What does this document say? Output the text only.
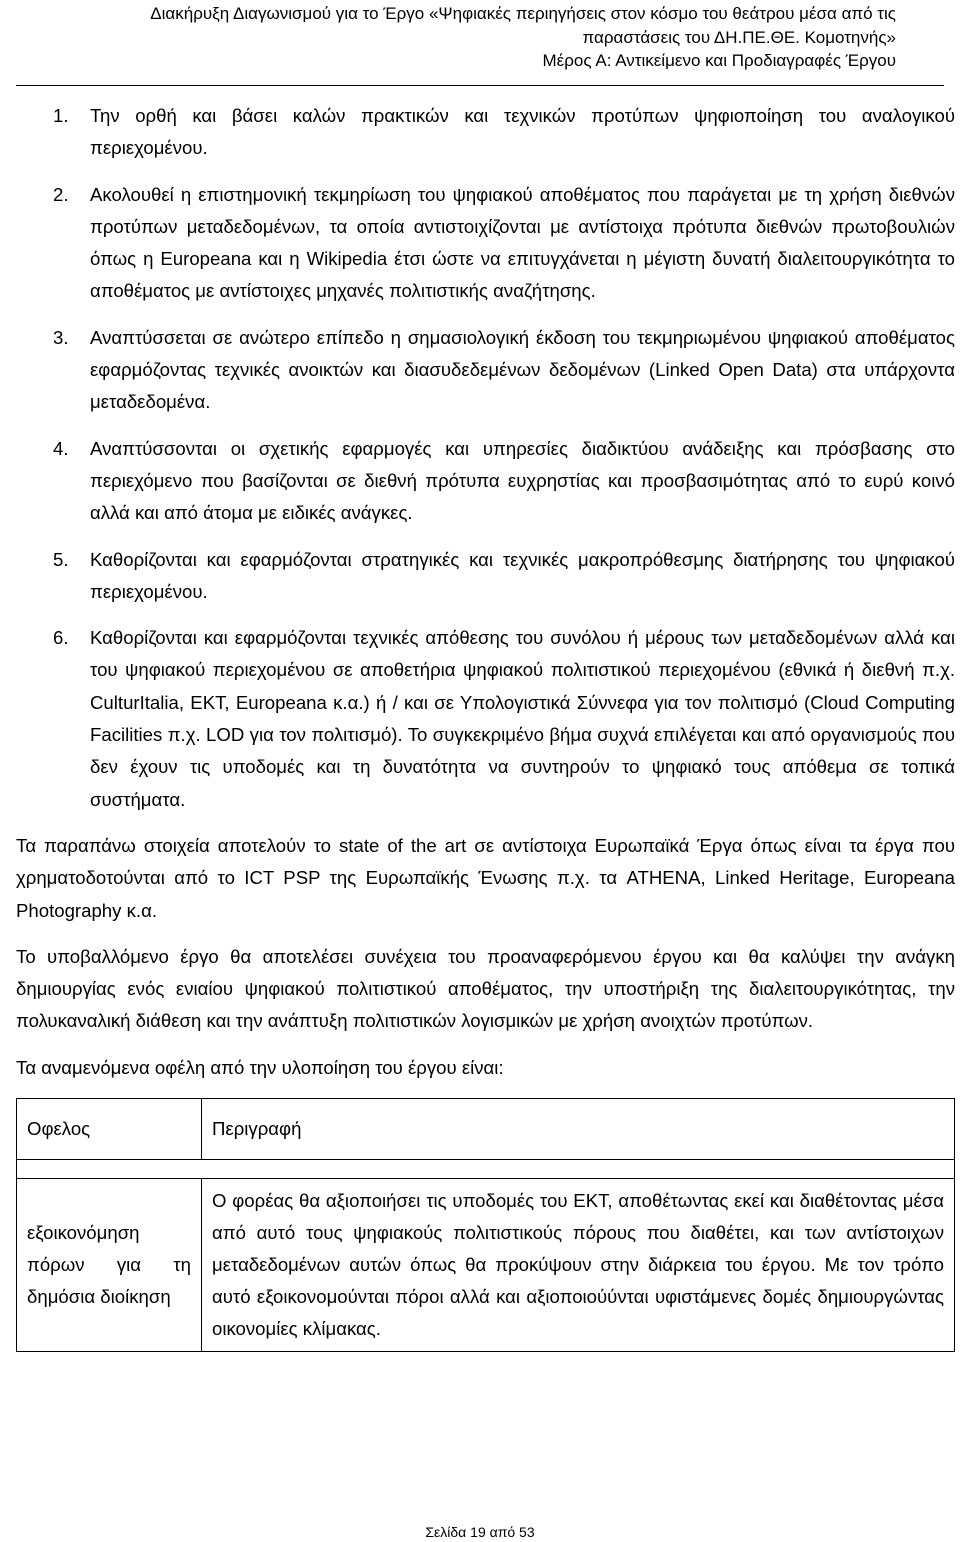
Διακήρυξη Διαγωνισμού για το Έργο «Ψηφιακές περιηγήσεις στον κόσμο του θεάτρου μέσα από τις
παραστάσεις του ΔΗ.ΠΕ.ΘΕ. Κομοτηνής»
Μέρος Α: Αντικείμενο και Προδιαγραφές Έργου
1. Την ορθή και βάσει καλών πρακτικών και τεχνικών προτύπων ψηφιοποίηση του αναλογικού περιεχομένου.
2. Ακολουθεί η επιστημονική τεκμηρίωση του ψηφιακού αποθέματος που παράγεται με τη χρήση διεθνών προτύπων μεταδεδομένων, τα οποία αντιστοιχίζονται με αντίστοιχα πρότυπα διεθνών πρωτοβουλιών όπως η Europeana και η Wikipedia έτσι ώστε να επιτυγχάνεται η μέγιστη δυνατή διαλειτουργικότητα το αποθέματος με αντίστοιχες μηχανές πολιτιστικής αναζήτησης.
3. Αναπτύσσεται σε ανώτερο επίπεδο η σημασιολογική έκδοση του τεκμηριωμένου ψηφιακού αποθέματος εφαρμόζοντας τεχνικές ανοικτών και διασυδεδεμένων δεδομένων (Linked Open Data) στα υπάρχοντα μεταδεδομένα.
4. Αναπτύσσονται οι σχετικής εφαρμογές και υπηρεσίες διαδικτύου ανάδειξης και πρόσβασης στο περιεχόμενο που βασίζονται σε διεθνή πρότυπα ευχρηστίας και προσβασιμότητας από το ευρύ κοινό αλλά και από άτομα με ειδικές ανάγκες.
5. Καθορίζονται και εφαρμόζονται στρατηγικές και τεχνικές μακροπρόθεσμης διατήρησης του ψηφιακού περιεχομένου.
6. Καθορίζονται και εφαρμόζονται τεχνικές απόθεσης του συνόλου ή μέρους των μεταδεδομένων αλλά και του ψηφιακού περιεχομένου σε αποθετήρια ψηφιακού πολιτιστικού περιεχομένου (εθνικά ή διεθνή π.χ. CulturItalia, ΕΚΤ, Europeana κ.α.) ή / και σε Υπολογιστικά Σύννεφα για τον πολιτισμό (Cloud Computing Facilities π.χ. LOD για τον πολιτισμό). Το συγκεκριμένο βήμα συχνά επιλέγεται και από οργανισμούς που δεν έχουν τις υποδομές και τη δυνατότητα να συντηρούν το ψηφιακό τους απόθεμα σε τοπικά συστήματα.

Τα παραπάνω στοιχεία αποτελούν το state of the art σε αντίστοιχα Ευρωπαϊκά Έργα όπως είναι τα έργα που χρηματοδοτούνται από το ICT PSP της Ευρωπαϊκής Ένωσης π.χ. τα ATHENA, Linked Heritage, Europeana Photography κ.α.

Το υποβαλλόμενο έργο θα αποτελέσει συνέχεια του προαναφερόμενου έργου και θα καλύψει την ανάγκη δημιουργίας ενός ενιαίου ψηφιακού πολιτιστικού αποθέματος, την υποστήριξη της διαλειτουργικότητας, την πολυκαναλική διάθεση και την ανάπτυξη πολιτιστικών λογισμικών με χρήση ανοιχτών προτύπων.

Τα αναμενόμενα οφέλη από την υλοποίηση του έργου είναι:

Οφελος	Περιγραφή

εξοικονόμηση πόρων για τη δημόσια διοίκηση	Ο φορέας θα αξιοποιήσει τις υποδομές του ΕΚΤ, αποθέτωντας εκεί και διαθέτοντας μέσα από αυτό τους ψηφιακούς πολιτιστικούς πόρους που διαθέτει, και των αντίστοιχων μεταδεδομένων αυτών όπως θα προκύψουν στην διάρκεια του έργου. Με τον τρόπο αυτό εξοικονομούνται πόροι αλλά και αξιοποιούύνται υφιστάμενες δομές δημιουργώντας οικονομίες κλίμακας.
Σελίδα 19 από 53
